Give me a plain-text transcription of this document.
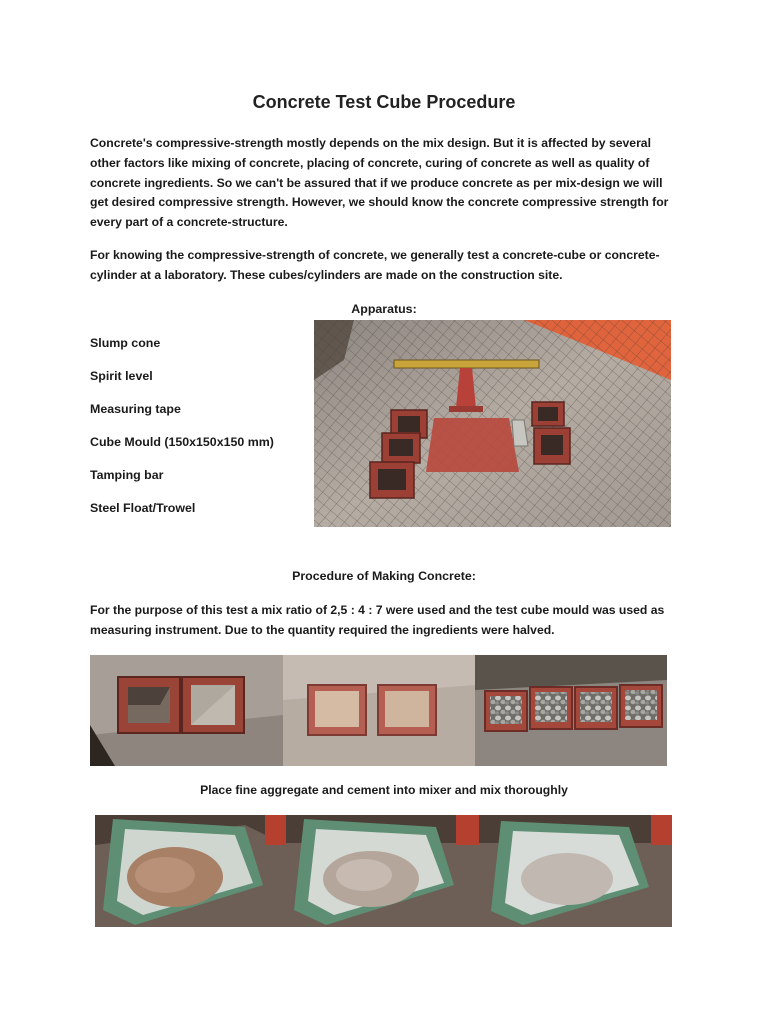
Concrete Test Cube Procedure

Concrete's compressive-strength mostly depends on the mix design. But it is affected by several other factors like mixing of concrete, placing of concrete, curing of concrete as well as quality of concrete ingredients. So we can't be assured that if we produce concrete as per mix-design we will get desired compressive strength. However, we should know the concrete compressive strength for every part of a concrete-structure.

For knowing the compressive-strength of concrete, we generally test a concrete-cube or concrete-cylinder at a laboratory. These cubes/cylinders are made on the construction site.

Apparatus:
Slump cone
Spirit level
Measuring tape
Cube Mould (150x150x150 mm)
Tamping bar
Steel Float/Trowel
Procedure of Making Concrete:

For the purpose of this test a mix ratio of 2,5 : 4 : 7 were used and the test cube mould was used as measuring instrument. Due to the quantity required the ingredients were halved.

Place fine aggregate and cement into mixer and mix thoroughly
